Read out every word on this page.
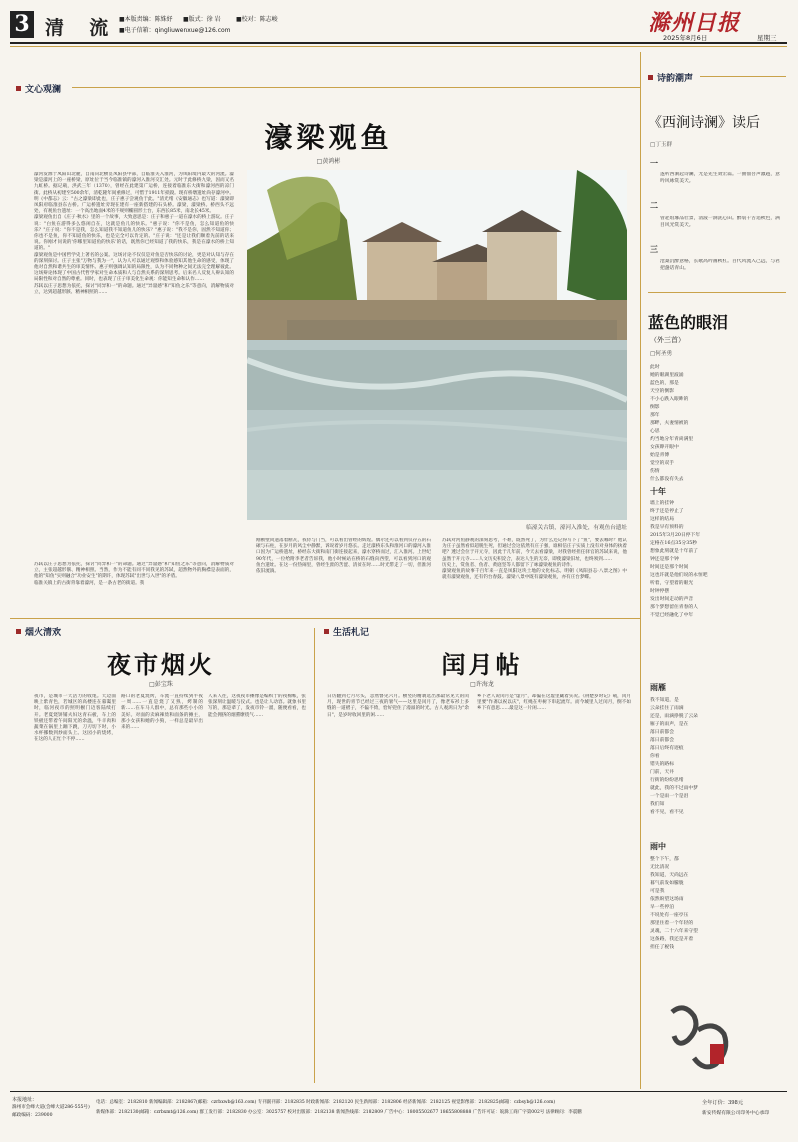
3 清  流 ■本版责编：陈姝妤 ■版式：徐 岩	■校对：陈志峻
■电子信箱：qingliuwenxue@126.com	滁州日报
2025年8月6日	星期三
文心观澜
濠梁观鱼
□黄鸿彬
濠河发源于凤阳山北麓，自南向北横贯凤阳县中部，自临淮关入淮河，为凤阳境内最大的河流。濠梁是濠河上的一座桥梁，原址位于当今临淮镇的濠河入淮河交汇处。元时于此修桥九梁，因而又名九虹桥。据记载，洪武三年（1370），曾经在此建第广运桥，连接着临淮东大街和濠河西的凉门街。此桥从初建至500余年，清乾隆年间重修过，可惜于1911年损毁。现有桥墩遗址尚存濠河中。明《中都志》云："古之濠梁即此也，庄子惠子尝观鱼于此。"清光绪《安徽通志》也写道：濠梁即凤阳府临淮县东古桥。广运桥遗址旁现在建有一座新搭建的石头桥。濠梁，濠梁桥。桥西头不远处，有观鱼台遗址：一个高出地面4米的不规则椭圆形土台，东西长85米，南北长45米。
濠梁观鱼出自《庄子·秋水》里的一个故事，大致意思是：庄子和惠子一道在濠水的桥上游玩。庄子说："白鱼在游得多么悠闲自在，这就是鱼儿的快乐。"惠子说："你不是鱼，怎么知道鱼的快乐？"庄子说："你不是我，怎么知道我不知道鱼儿的快乐？"惠子说："我不是你，固然不知道你；你也不是鱼，你不知道鱼的快乐，也是完全可以肯定的。"庄子说："还是让我们顺着先前的话来说。你刚才问说的'你哪里知道鱼的快乐'的话，既然你已经知道了我的快乐，我是在濠水的桥上知道的。"
濠梁观鱼是中国哲学史上著名的公案。这场讨论不仅仅是对鱼是否快乐的讨论，更是对认知与存在的深刻探讨。庄子主张"万物与我为一"，认为人可以通过观察和体验感知其他生命的感受，体现了他对自然和谐共生的审美情怀。惠子则强调认知的局限性，认为不同物种之间无法完全理解彼此。这场辩论体现了中国古代哲学家对生命本质和人与自然关系的深刻思考。后来名人反复人辩认知的局限性和对自然的尊重。同时，也表现了庄子审美化生命观：你能知生命和认作……
苏轼以庄子思想为依托，探讨"同异和一"的命题。通过"异量感"和"知鱼之乐"等意向，消解物质对立，达到超越形骸、精神相照的……
苏轼以庄子思想为依托，探讨"同异和一"的命题。通过"异量感"和"知鱼之乐"等意向，消解物质对立，主张超越形骸、精神相照。当然，作为不能有同不同我见的苏轼，超然物外的胸襟是表面的，他的"知鱼"实则融合"功业安生"的期许，体现苏轼"出世与入世"的矛盾。
临淮关镇上的古街背靠着濠河，是一条古老的街道。我
临濠关古镇，濠河入淮处，有观鱼台遗址
刚断壁同遗落着断瓦，我侍与门当，可以看出曾经的辉煌。偶尔还可以看到仅存五的石磙与石柱，在岁月的风尘中静默，诉说着岁月悠长。走过濠桥东头和淮河口的濠河入淮口因为广运桥遗址，桥经东大街和南门街连接起来，濠水穿桥而过，汇入淮河。上世纪90年代，一位给附李老者告诉我，他小时候站在桥的石缝向西望，可以看到河口的观鱼台遗址。在这一份热闹里，曾经生涯的苦涩、清贫在时……时光带走了一切，但淮河依旧流淌。
苏轼对河鱼静观的深刻思考，不难，既然死了，为什么还记得写下了"鱼"，要去哪时？他认为庄子虽然看似超脱生死，但通过会这依然有庄子强，谁相信庄子实质上没有对身体的执着吧？透过会位于开元寺，因此于几年前，今天去看濠梁，对我曾经担任驿官的苏轼来说，他虽然于开元寺……人文历史积淀合，表达人生的无奈，即使濠梁旧址，也终须到……
历史上，赏鱼者、鱼者、黄庭坚等人都留下了咏濠梁观鱼的诗作。
濠梁观鱼的故事千百年来一直是凤阳这块土地的文化标志。明朝《凤阳县志·八景之图》中就有濠梁观鱼，还有钓台春鼓。濠梁八景中既有濠梁观鱼，亦有庄台梦蝶。
诗韵潮声
《西涧诗澜》读后
□丁玉群
一
遂听西涧起诗澜，尤是先生效宏篇。一曲仙吾声激越，意吟风咏赏美天。
二
曾赴琅琊品壮景，清波一涧洗心田。醉翁千古追秋色，满目风光赏美天。
三
沧桑沉醉意格，长歌高吟画秋杠。百代风流入己远，与君把盏话青山。
蓝色的眼泪
（外三首）
□何圣勇
此时
她的眼湖里波涌
蓝色的，那是
天空的倒影
不小心跌入眼眸的
倒影
那年
那畔，夫妻情被的
心思
灼当地分年青尚满里
女孩睁开眼中
始是青傅
觉空的双手
伤情
什么都没有失去
十年
墙上的挂钟
终于还是停止了
这样的结局
我是早有预料的
2015年3月20日停下年
定格在16点35分35秒
想象此刻就是十年前了
钟还是那个钟
时间还是那个时间
这也许就是他们说的永恒吧
听着，守望着的眼光
时钟停摆
发出时间走动的声音
那个梦想留住青春的人
不觉已经融化了中年
雨雁
我不知道，是
云朵挂住了雨滴
还是，雨滴挣脱了云朵
雁子的雨声，是在
落日前都会
落日前都会
落日后终有迹痕
你看
错失的路标
门前，天井
行街的纷纷思绪
就此，我的不过雨中梦
一个是雨一个是泪
我们知
看不见，看不见
雨中
整个下午，都
无比清况
我知道，天尚远在
暮气前发如朦胧
可是我
依然盼望这场雨
早一些停泊
不说处有一座亭压
那里住着一个年轻的
灵魂，二十六年来守望
这条路，我还是开着
担任了税钱
烟火清欢
夜市烟火
□彭宝珠
夜市，是城市一天活力的收尾。天边面映上紫青色，若城区的高楼连在暮霭里时，临河夜市的照明橱门迈客陆续打开。老夏烧饼铺夫妇这青石板，车上的铁板还带着午间阳光的余温，牛羊肉和蔬菜在锅里上蹦下跳，刀刃切下时，小水杯挪数到炒面头上。这园小的烧烤，在这的人正忙个不停……
路口的老夏烧烤，车流一直持续到半夜一周……一直是烧了又熟，烤制的新……在车马人群中，总有那些小小的美好。对面的卖麻辣烫和面条的摊主，那小女孩和她的小狗，一样总是最早出来的……
人来人往，这夜夜市摊像是编织于的夜棉帐，张张深刻让温暖与仪式。也是让人动容。就象书里写的，那是辈了，发夜市铃一溜，随便看看，也能会拥挤的烟熏缭绕气……
生活札记
闰月帖
□许海龙
日历翻到七月尽头，忽然瞥见六月。横竖的精剥选出那最常见天的闰月，现世的青节已经过三夜的暑气——这里是闰月了，像老布衫上多缝的一道褶子，不偏不倚，恰好兜住了漫溢的时光。古人观鸿日为"余日"，是岁时收回里的闲……
乡下老人说闰月是"虚月"，却偏在这虚里藏着实况。《荆楚岁时记》载，闰月里要"作斋以祝以庆"，红绳在枣树下串起流年。而今城里人过闰月，倒不如乡下有意思……最是这一片闲……
本报地址：
滁州市会峰大道(会峰大道286-555号)
邮政编码：239000
电话：总编室：2182810 新闻编辑部：2182867(邮箱：czrbxwb@163.com) 专刊副刊部：2182835 时政新闻部：2182120 民生新闻部：2182806 经济新闻部：2182125 视觉影像部：2182825(邮箱：czbsyb@126.com)
新媒体部：2182130(邮箱：czrbxmt@126.com) 群工发行部：2182830 办公室：3025757 校对出版部：2182138 新闻热线部：2182809 广告中心：18005502677 18655808888 广告许可证：皖滁工商广字第002号 法律顾问：李震鹏
全年订价：398元
新安传媒有限公司印务中心承印
